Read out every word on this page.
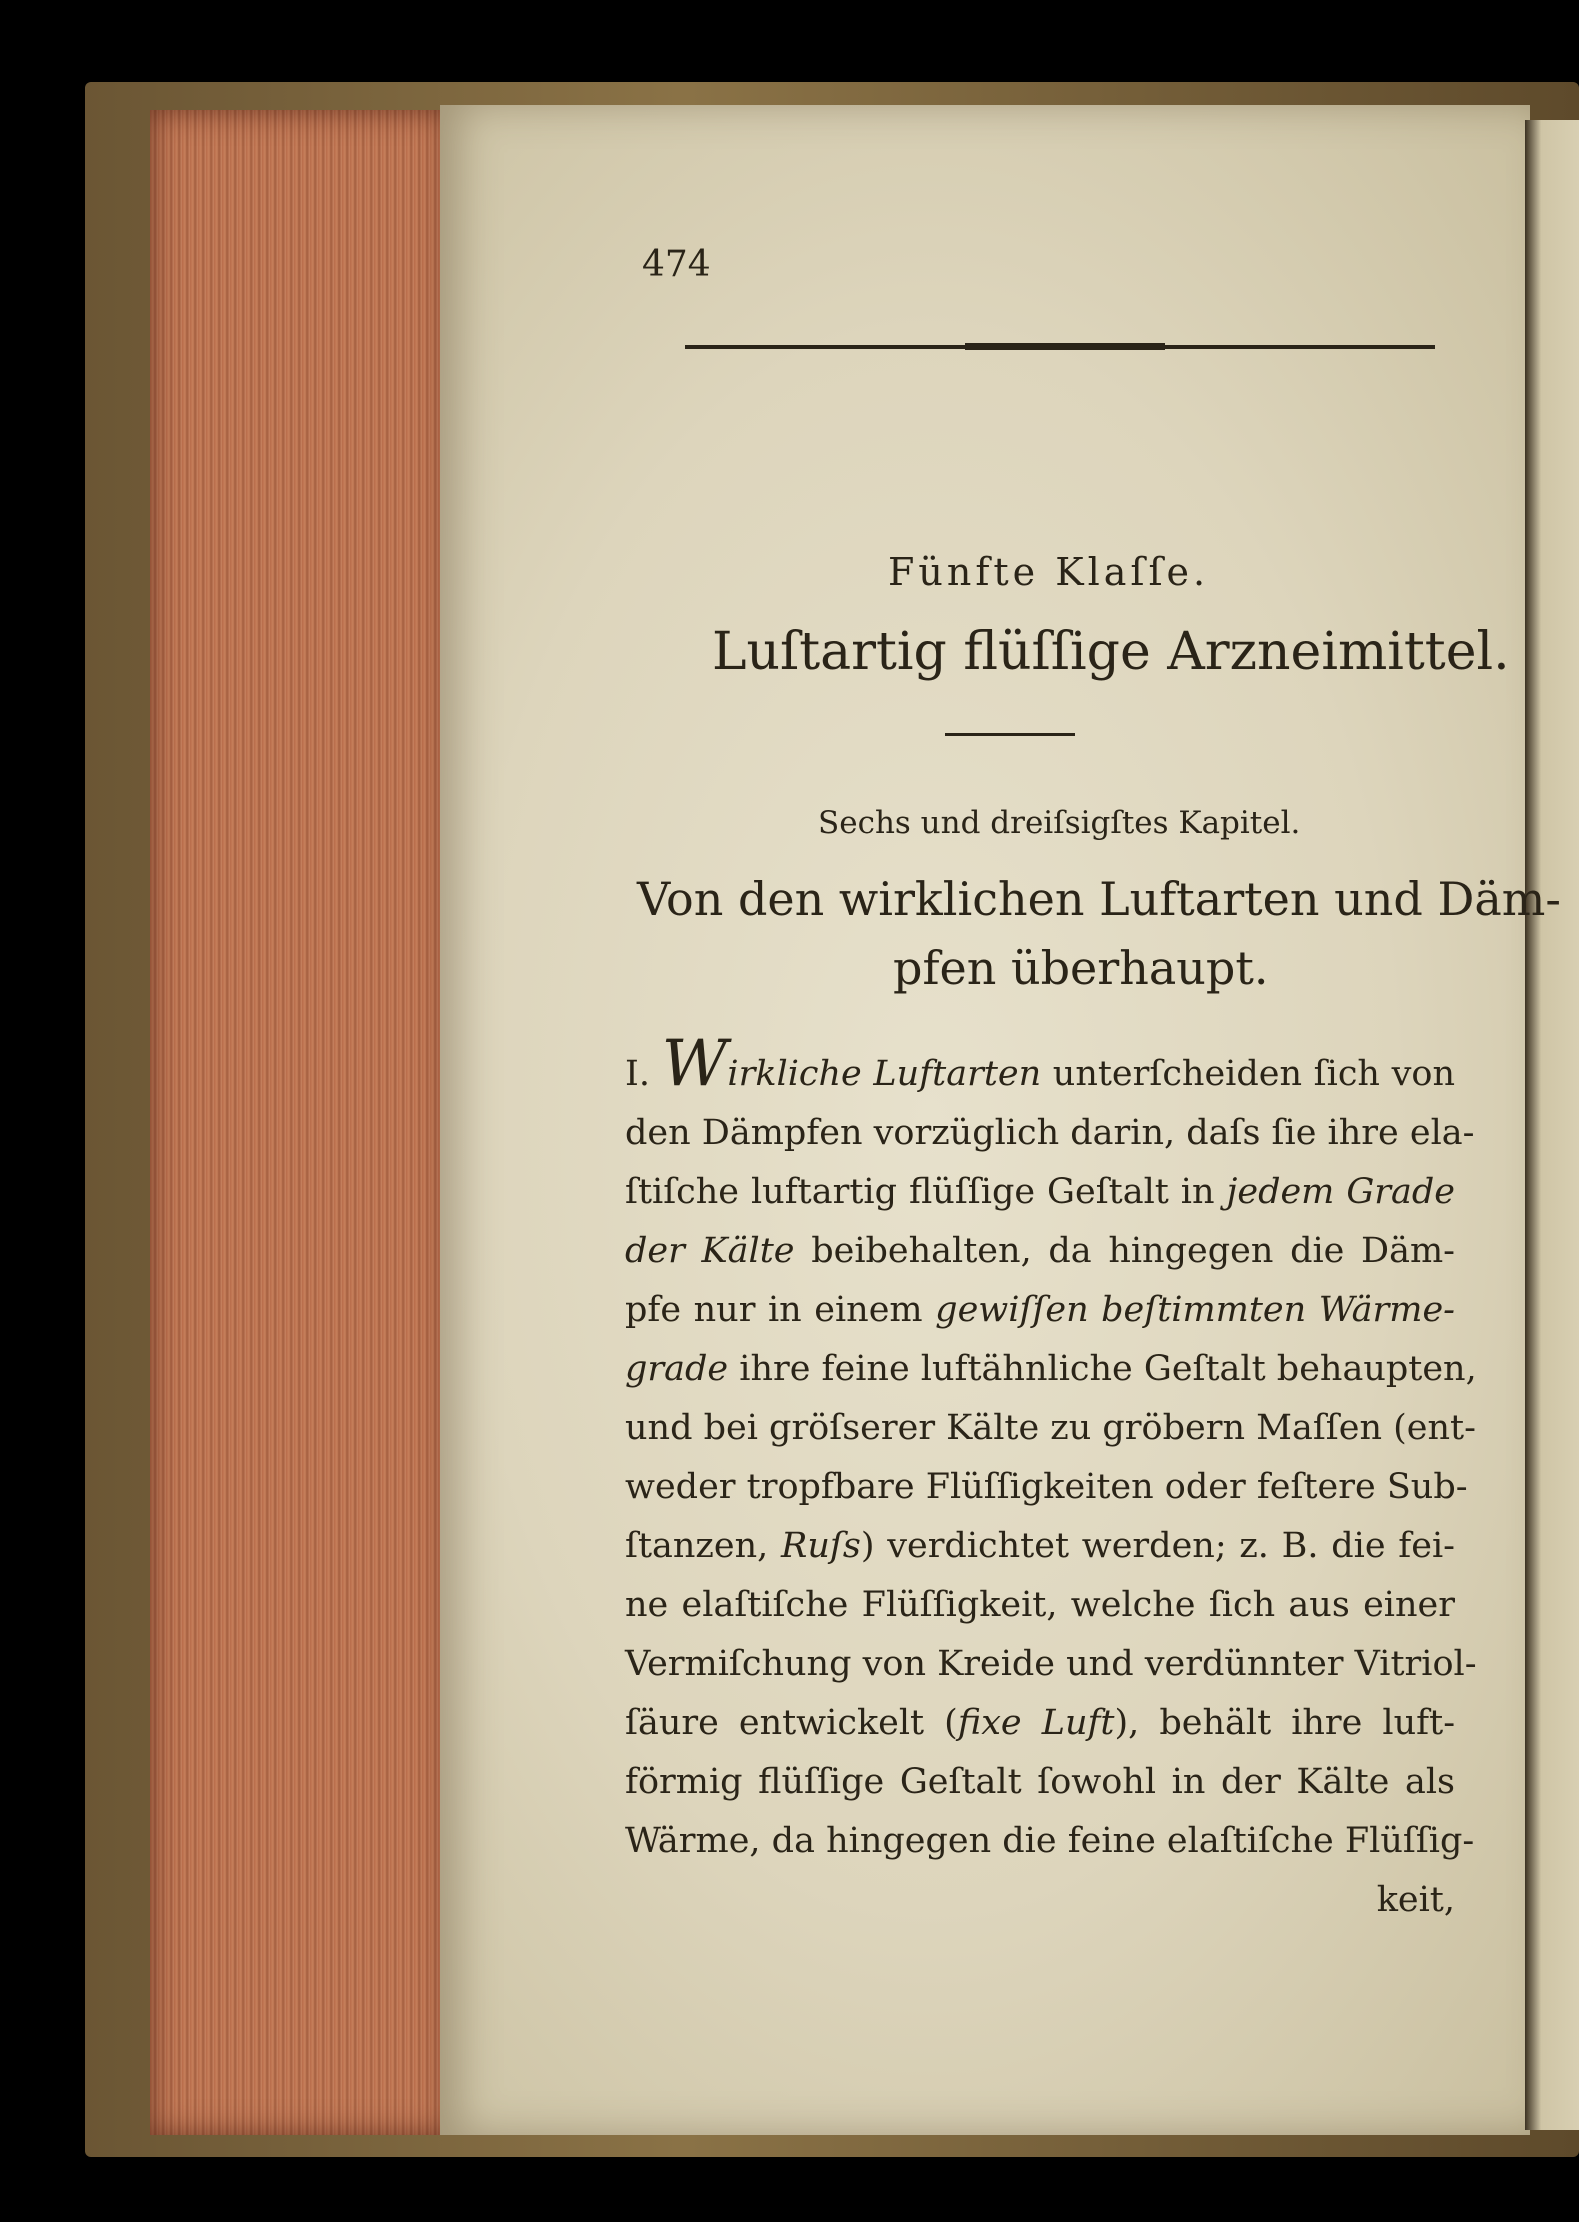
474
Fünfte Klaſſe.
Luſtartig flüſſige Arzneimittel.
Sechs und dreiſsigſtes Kapitel.
Von den wirklichen Luftarten und Däm-
pfen überhaupt.
I. Wirkliche Luftarten unterſcheiden ſich von
den Dämpfen vorzüglich darin, daſs ſie ihre ela-
ſtiſche luftartig flüſſige Geſtalt in jedem Grade
der Kälte beibehalten, da hingegen die Däm-
pfe nur in einem gewiſſen beſtimmten Wärme-
grade ihre feine luftähnliche Geſtalt behaupten,
und bei gröſserer Kälte zu gröbern Maſſen (ent-
weder tropfbare Flüſſigkeiten oder feſtere Sub-
ſtanzen, Ruſs) verdichtet werden; z. B. die fei-
ne elaſtiſche Flüſſigkeit, welche ſich aus einer
Vermiſchung von Kreide und verdünnter Vitriol-
ſäure entwickelt (fixe Luft), behält ihre luft-
förmig flüſſige Geſtalt ſowohl in der Kälte als
Wärme, da hingegen die feine elaſtiſche Flüſſig-
keit,
